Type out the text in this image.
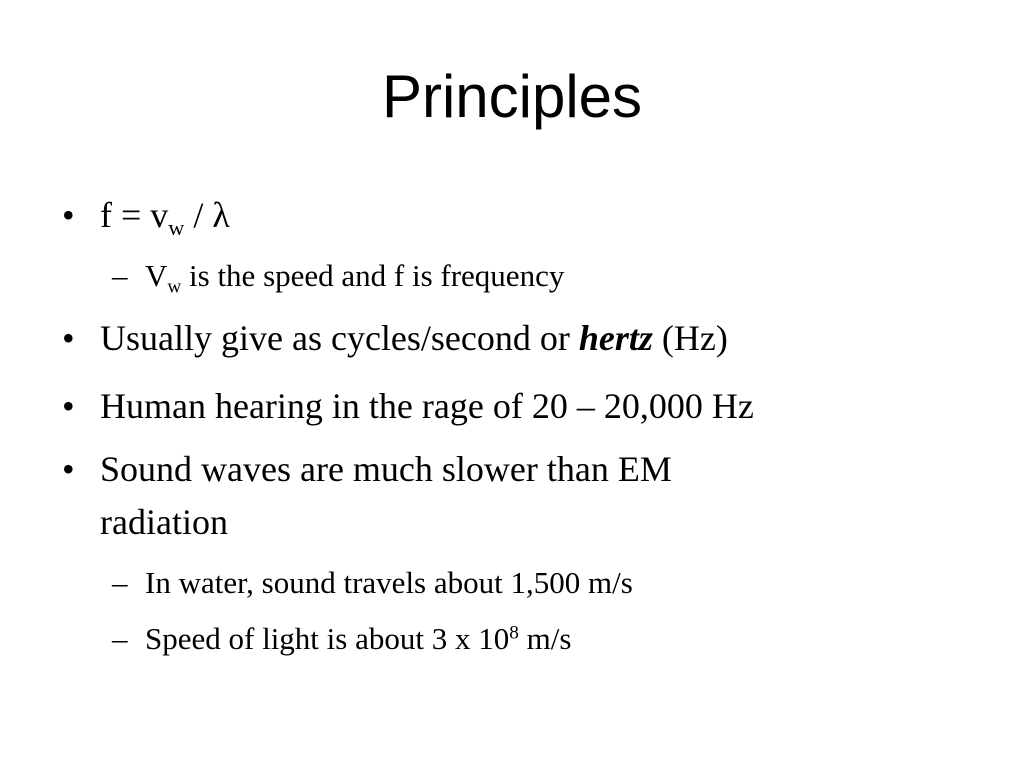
Principles
• $f = v_w / \lambda$
– $V_w$ is the speed and f is frequency
• Usually give as cycles/second or hertz (Hz)
• Human hearing in the rage of 20 – 20,000 Hz
• Sound waves are much slower than EM
radiation
– In water, sound travels about 1,500 m/s
– Speed of light is about 3 x $10^8$ m/s
